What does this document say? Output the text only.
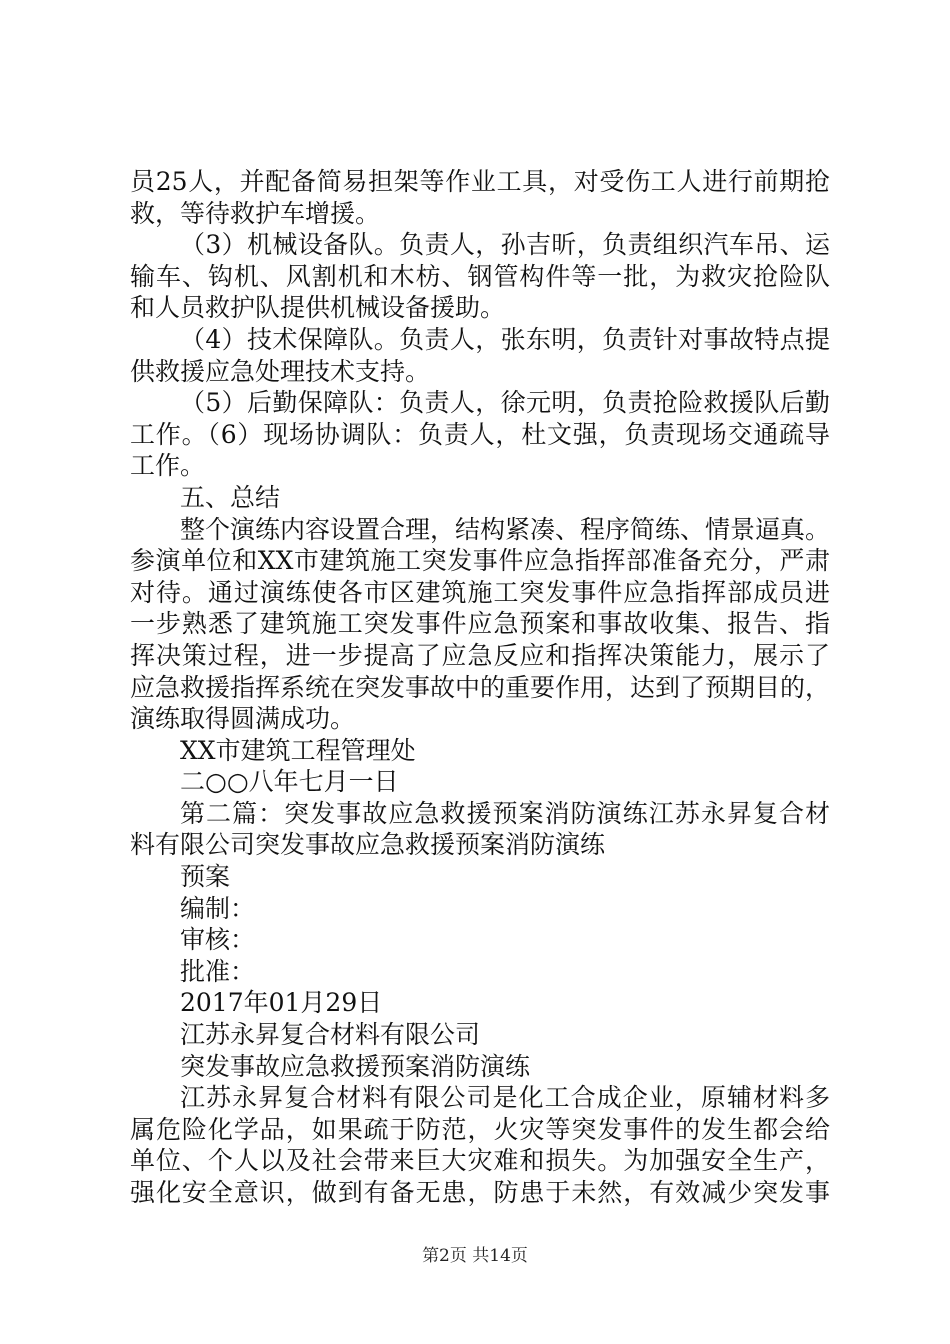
员25人，并配备简易担架等作业工具，对受伤工人进行前期抢
救，等待救护车增援。
（3）机械设备队。负责人，孙吉昕，负责组织汽车吊、运
输车、钩机、风割机和木枋、钢管构件等一批，为救灾抢险队
和人员救护队提供机械设备援助。
（4）技术保障队。负责人，张东明，负责针对事故特点提
供救援应急处理技术支持。
（5）后勤保障队：负责人，徐元明，负责抢险救援队后勤
工作。（6）现场协调队：负责人，杜文强，负责现场交通疏导
工作。
五、总结
整个演练内容设置合理，结构紧凑、程序简练、情景逼真。
参演单位和XX市建筑施工突发事件应急指挥部准备充分，严肃
对待。通过演练使各市区建筑施工突发事件应急指挥部成员进
一步熟悉了建筑施工突发事件应急预案和事故收集、报告、指
挥决策过程，进一步提高了应急反应和指挥决策能力，展示了
应急救援指挥系统在突发事故中的重要作用，达到了预期目的，
演练取得圆满成功。
XX市建筑工程管理处
二○○八年七月一日
第二篇：突发事故应急救援预案消防演练江苏永昇复合材
料有限公司突发事故应急救援预案消防演练
预案
编制：
审核：
批准：
2017年01月29日
江苏永昇复合材料有限公司
突发事故应急救援预案消防演练
江苏永昇复合材料有限公司是化工合成企业，原辅材料多
属危险化学品，如果疏于防范，火灾等突发事件的发生都会给
单位、个人以及社会带来巨大灾难和损失。为加强安全生产，
强化安全意识，做到有备无患，防患于未然，有效减少突发事
第2页 共14页
